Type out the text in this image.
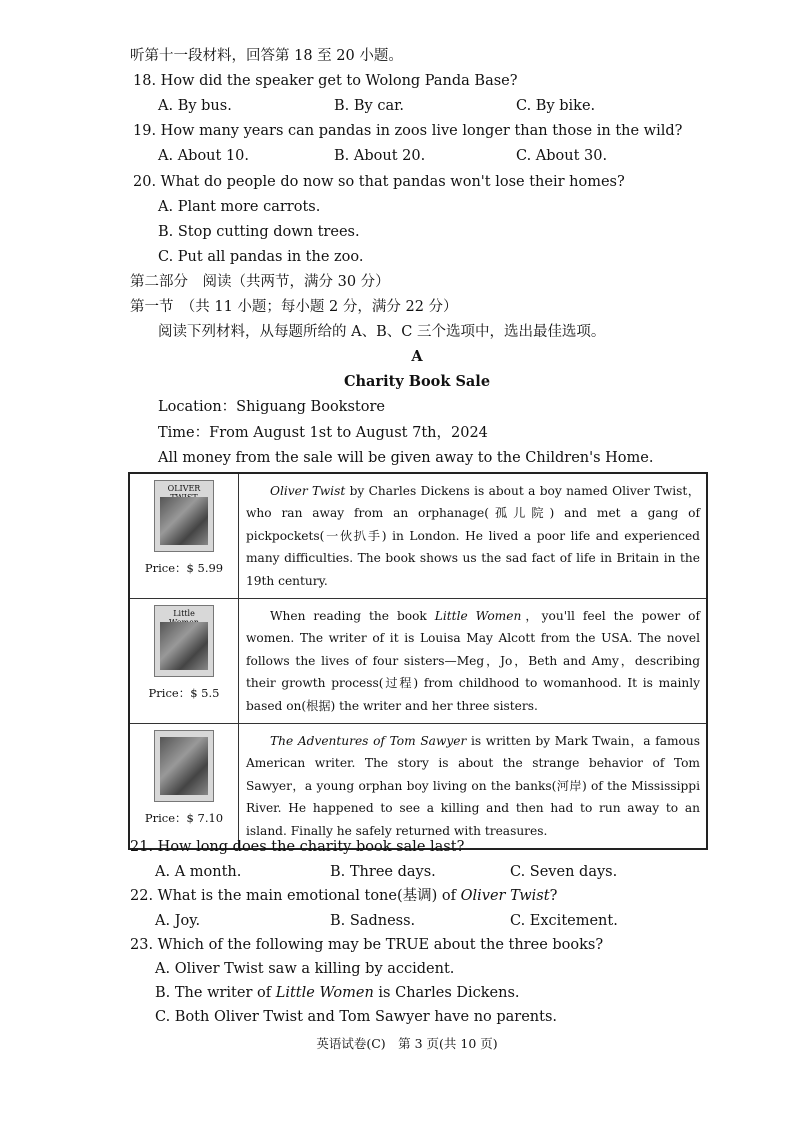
听第十一段材料，回答第 18 至 20 小题。
18. How did the speaker get to Wolong Panda Base?
A. By bus.	B. By car.	C. By bike.
19. How many years can pandas in zoos live longer than those in the wild?
A. About 10.	B. About 20.	C. About 30.
20. What do people do now so that pandas won't lose their homes?
A. Plant more carrots.
B. Stop cutting down trees.
C. Put all pandas in the zoo.
第二部分　阅读（共两节，满分 30 分）
第一节　（共 11 小题；每小题 2 分，满分 22 分）
阅读下列材料，从每题所给的 A、B、C 三个选项中，选出最佳选项。
A
Charity Book Sale
Location：Shiguang Bookstore
Time：From August 1st to August 7th，2024
All money from the sale will be given away to the Children's Home.
OLIVER
Price：$ 5.99	Oliver Twist by Charles Dickens is about a boy named Oliver Twist，who ran away from an orphanage(孤儿院) and met a gang of pickpockets(一伙扒手) in London. He lived a poor life and experienced many difficulties. The book shows us the sad fact of life in Britain in the 19th century.

Little
Price：$ 5.5	When reading the book Little Women，you'll feel the power of women. The writer of it is Louisa May Alcott from the USA. The novel follows the lives of four sisters—Meg，Jo，Beth and Amy，describing their growth process(过程) from childhood to womanhood. It is mainly based on(根据) the writer and her three sisters.

Price：$ 7.10	The Adventures of Tom Sawyer is written by Mark Twain，a famous American writer. The story is about the strange behavior of Tom Sawyer，a young orphan boy living on the banks(河岸) of the Mississippi River. He happened to see a killing and then had to run away to an island. Finally he safely returned with treasures.
21. How long does the charity book sale last?
A. A month.	B. Three days.	C. Seven days.
22. What is the main emotional tone(基调) of Oliver Twist?
A. Joy.	B. Sadness.	C. Excitement.
23. Which of the following may be TRUE about the three books?
A. Oliver Twist saw a killing by accident.
B. The writer of Little Women is Charles Dickens.
C. Both Oliver Twist and Tom Sawyer have no parents.
英语试卷(C)　第 3 页(共 10 页)
